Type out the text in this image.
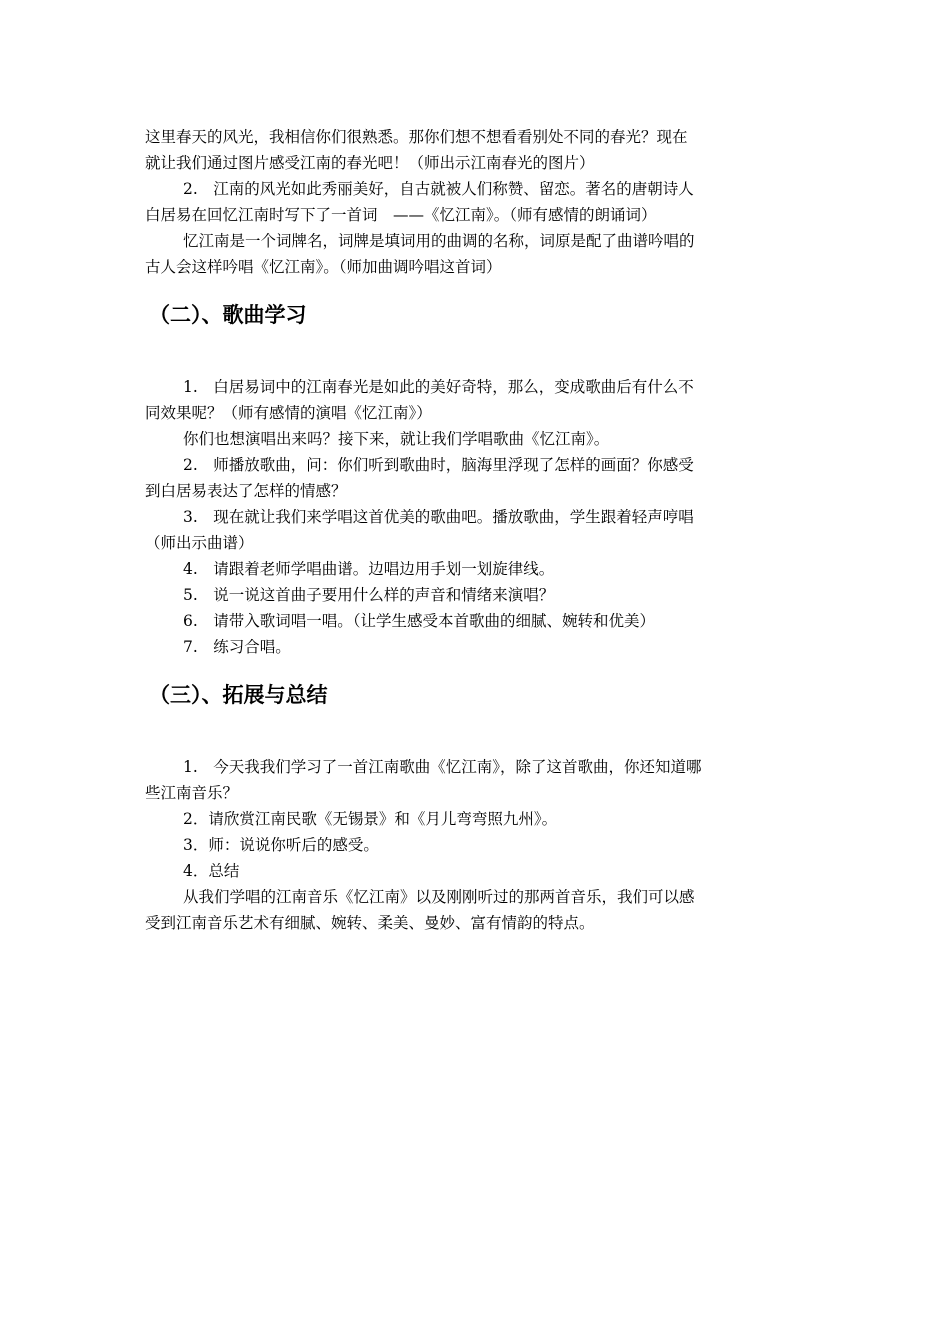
这里春天的风光，我相信你们很熟悉。那你们想不想看看别处不同的春光？现在

就让我们通过图片感受江南的春光吧！（师出示江南春光的图片）

2.　江南的风光如此秀丽美好，自古就被人们称赞、留恋。著名的唐朝诗人

白居易在回忆江南时写下了一首词　——《忆江南》。（师有感情的朗诵词）

忆江南是一个词牌名，词牌是填词用的曲调的名称，词原是配了曲谱吟唱的

古人会这样吟唱《忆江南》。（师加曲调吟唱这首词）

（二）、歌曲学习

1.　白居易词中的江南春光是如此的美好奇特，那么，变成歌曲后有什么不

同效果呢？（师有感情的演唱《忆江南》）

你们也想演唱出来吗？接下来，就让我们学唱歌曲《忆江南》。

2.　师播放歌曲，问：你们听到歌曲时，脑海里浮现了怎样的画面？你感受

到白居易表达了怎样的情感？

3.　现在就让我们来学唱这首优美的歌曲吧。播放歌曲，学生跟着轻声哼唱

（师出示曲谱）

4.　请跟着老师学唱曲谱。边唱边用手划一划旋律线。

5.　说一说这首曲子要用什么样的声音和情绪来演唱？

6.　请带入歌词唱一唱。（让学生感受本首歌曲的细腻、婉转和优美）

7.　练习合唱。

（三）、拓展与总结

1.　今天我我们学习了一首江南歌曲《忆江南》，除了这首歌曲，你还知道哪

些江南音乐？

2．请欣赏江南民歌《无锡景》和《月儿弯弯照九州》。

3．师：说说你听后的感受。

4．总结

从我们学唱的江南音乐《忆江南》以及刚刚听过的那两首音乐，我们可以感

受到江南音乐艺术有细腻、婉转、柔美、曼妙、富有情韵的特点。
